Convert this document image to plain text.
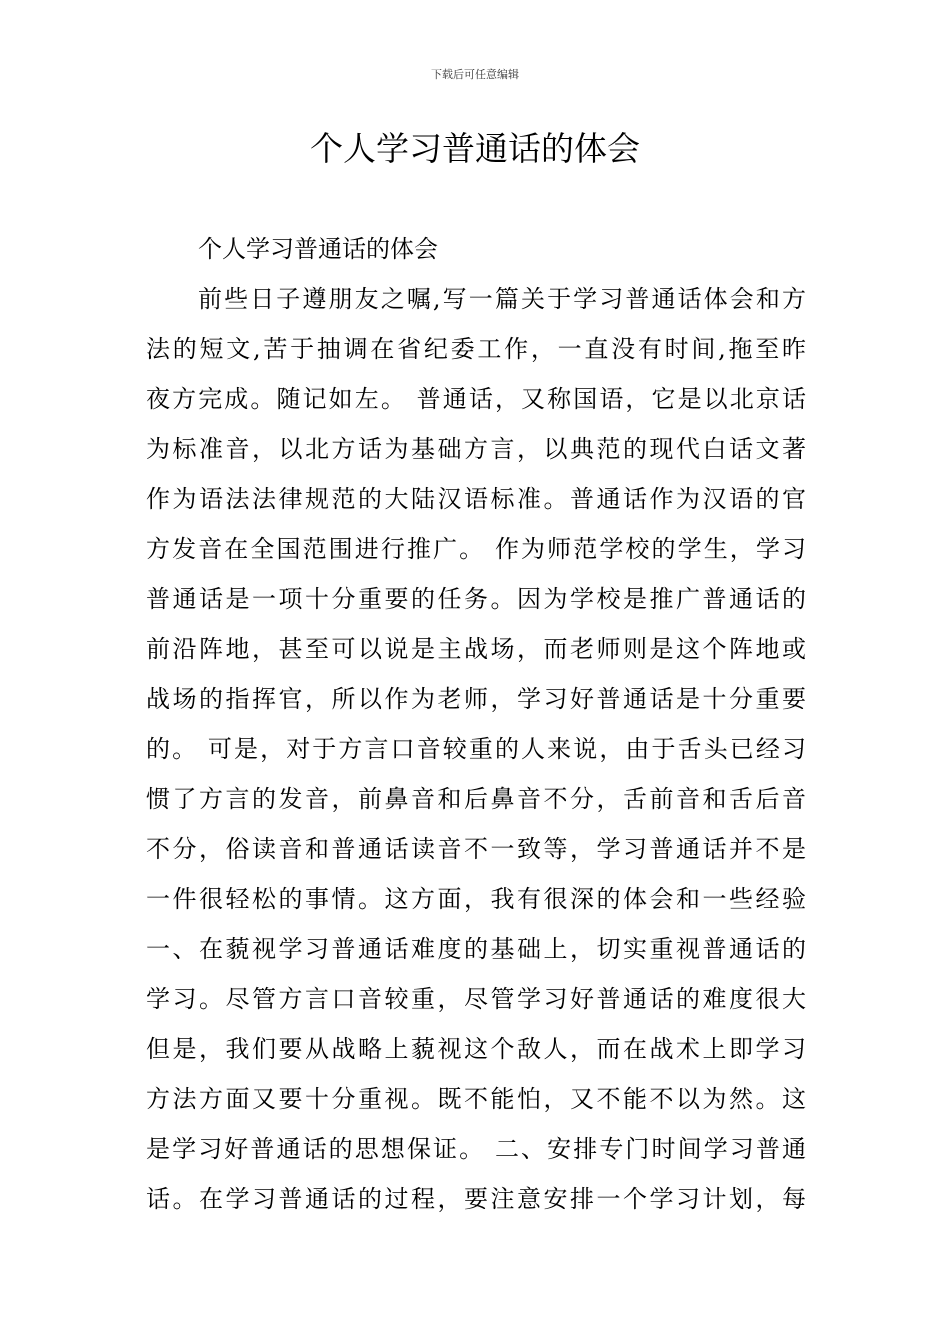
下载后可任意编辑
个人学习普通话的体会
个人学习普通话的体会
前些日子遵朋友之嘱,写一篇关于学习普通话体会和方
法的短文,苦于抽调在省纪委工作，一直没有时间,拖至昨
夜方完成。随记如左。 普通话，又称国语，它是以北京话
为标准音，以北方话为基础方言，以典范的现代白话文著
作为语法法律规范的大陆汉语标准。普通话作为汉语的官
方发音在全国范围进行推广。 作为师范学校的学生，学习
普通话是一项十分重要的任务。因为学校是推广普通话的
前沿阵地，甚至可以说是主战场，而老师则是这个阵地或
战场的指挥官，所以作为老师，学习好普通话是十分重要
的。 可是，对于方言口音较重的人来说，由于舌头已经习
惯了方言的发音，前鼻音和后鼻音不分，舌前音和舌后音
不分，俗读音和普通话读音不一致等，学习普通话并不是
一件很轻松的事情。这方面，我有很深的体会和一些经验
一、在藐视学习普通话难度的基础上，切实重视普通话的
学习。尽管方言口音较重，尽管学习好普通话的难度很大
但是，我们要从战略上藐视这个敌人，而在战术上即学习
方法方面又要十分重视。既不能怕，又不能不以为然。这
是学习好普通话的思想保证。 二、安排专门时间学习普通
话。在学习普通话的过程，要注意安排一个学习计划，每
